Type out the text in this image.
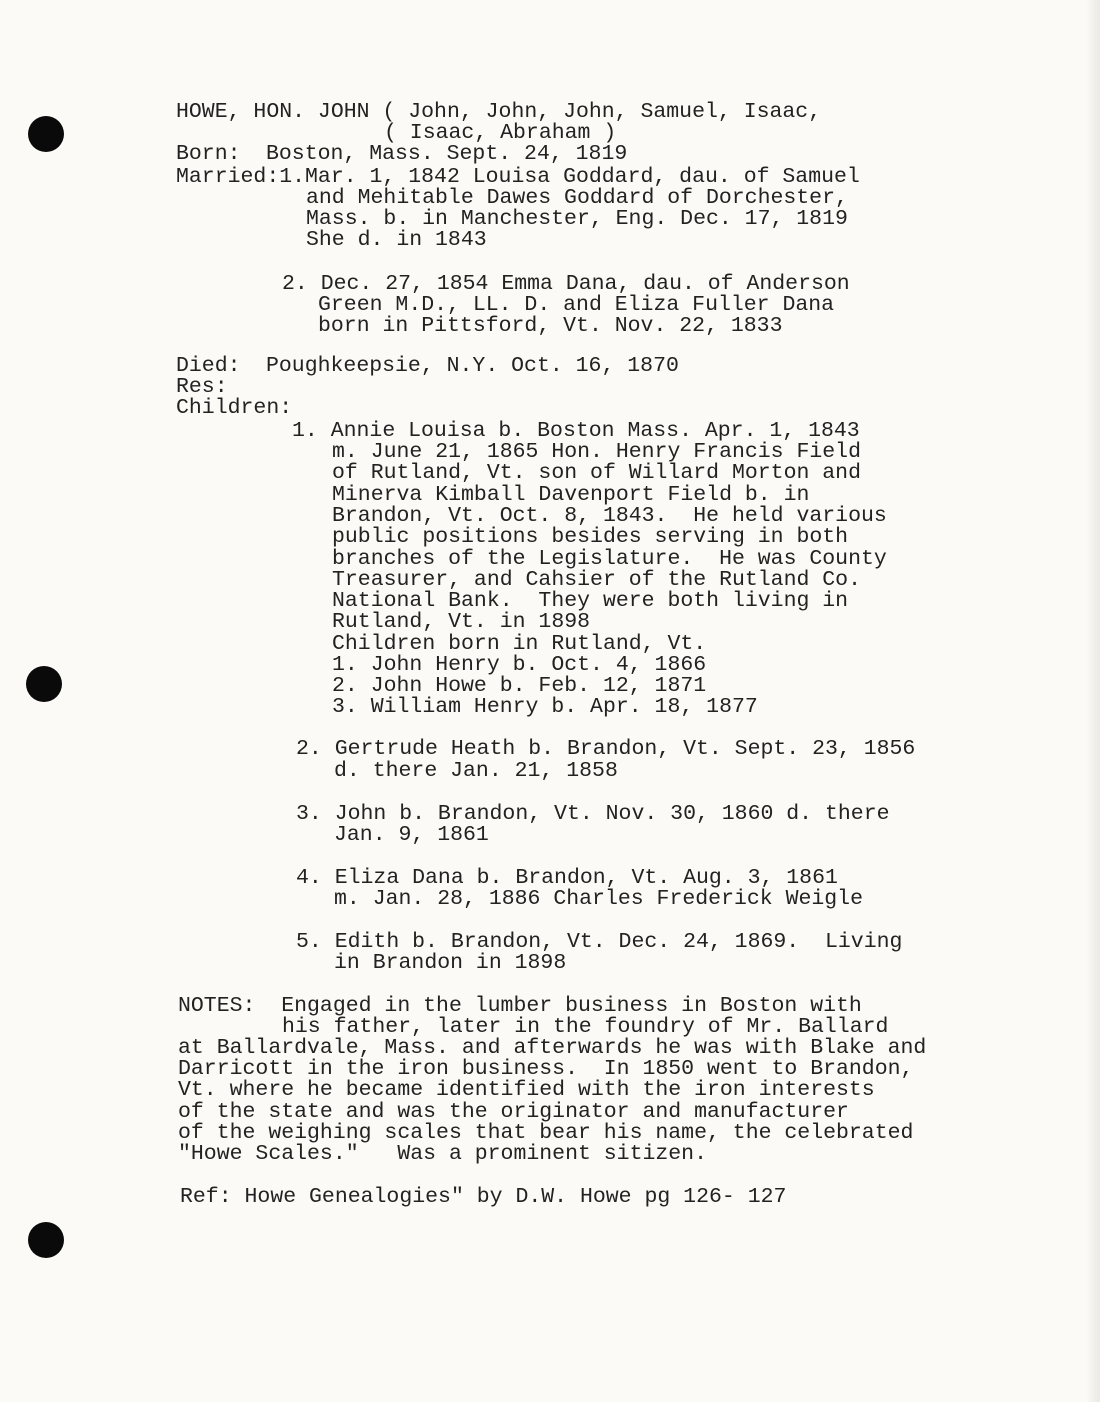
HOWE, HON. JOHN ( John, John, John, Samuel, Isaac,
( Isaac, Abraham )
Born: Boston, Mass. Sept. 24, 1819
Married:1.Mar. 1, 1842 Louisa Goddard, dau. of Samuel
and Mehitable Dawes Goddard of Dorchester,
Mass. b. in Manchester, Eng. Dec. 17, 1819
She d. in 1843
2. Dec. 27, 1854 Emma Dana, dau. of Anderson
Green M.D., LL. D. and Eliza Fuller Dana
born in Pittsford, Vt. Nov. 22, 1833
Died: Poughkeepsie, N.Y. Oct. 16, 1870
Res:
Children:
1. Annie Louisa b. Boston Mass. Apr. 1, 1843
m. June 21, 1865 Hon. Henry Francis Field
of Rutland, Vt. son of Willard Morton and
Minerva Kimball Davenport Field b. in
Brandon, Vt. Oct. 8, 1843.  He held various
public positions besides serving in both
branches of the Legislature.  He was County
Treasurer, and Cahsier of the Rutland Co.
National Bank.  They were both living in
Rutland, Vt. in 1898
Children born in Rutland, Vt.
1. John Henry b. Oct. 4, 1866
2. John Howe b. Feb. 12, 1871
3. William Henry b. Apr. 18, 1877
2. Gertrude Heath b. Brandon, Vt. Sept. 23, 1856
d. there Jan. 21, 1858
3. John b. Brandon, Vt. Nov. 30, 1860 d. there
Jan. 9, 1861
4. Eliza Dana b. Brandon, Vt. Aug. 3, 1861
m. Jan. 28, 1886 Charles Frederick Weigle
5. Edith b. Brandon, Vt. Dec. 24, 1869.  Living
in Brandon in 1898
NOTES:  Engaged in the lumber business in Boston with
his father, later in the foundry of Mr. Ballard
at Ballardvale, Mass. and afterwards he was with Blake and
Darricott in the iron business.  In 1850 went to Brandon,
Vt. where he became identified with the iron interests
of the state and was the originator and manufacturer
of the weighing scales that bear his name, the celebrated
"Howe Scales."   Was a prominent sitizen.
Ref: Howe Genealogies" by D.W. Howe pg 126- 127
